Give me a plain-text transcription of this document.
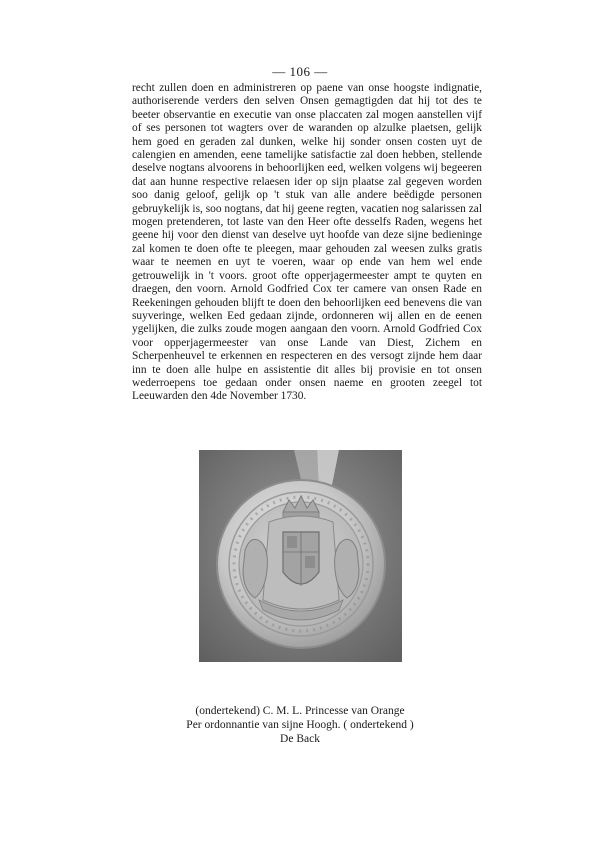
— 106 —

recht zullen doen en administreren op paene van onse hoogste indignatie, authoriserende verders den selven Onsen gemagtigden dat hij tot des te beeter observantie en executie van onse placcaten zal mogen aanstellen vijf of ses personen tot wagters over de waranden op alzulke plaetsen, gelijk hem goed en geraden zal dunken, welke hij sonder onsen costen uyt de calengien en amenden, eene tamelijke satisfactie zal doen hebben, stellende deselve nogtans alvoorens in behoorlijken eed, welken volgens wij begeeren dat aan hunne respective relaesen ider op sijn plaatse zal gegeven worden soo danig geloof, gelijk op 't stuk van alle andere beëdigde personen gebruykelijk is, soo nogtans, dat hij geene regten, vacatien nog salarissen zal mogen pretenderen, tot laste van den Heer ofte desselfs Raden, wegens het geene hij voor den dienst van deselve uyt hoofde van deze sijne bedieninge zal komen te doen ofte te pleegen, maar gehouden zal weesen zulks gratis waar te neemen en uyt te voeren, waar op ende van hem wel ende getrouwelijk in 't voors. groot ofte opperjagermeester ampt te quyten en draegen, den voorn. Arnold Godfried Cox ter camere van onsen Rade en Reekeningen gehouden blijft te doen den behoorlijken eed benevens die van suyveringe, welken Eed gedaan zijnde, ordonneren wij allen en de eenen ygelijken, die zulks zoude mogen aangaan den voorn. Arnold Godfried Cox voor opperjagermeester van onse Lande van Diest, Zichem en Scherpenheuvel te erkennen en respecteren en des versogt zijnde hem daar inn te doen alle hulpe en assistentie dit alles bij provisie en tot onsen wederroepens toe gedaan onder onsen naeme en grooten zeegel tot Leeuwarden den 4de November 1730.

(ondertekend) C. M. L. Princesse van Orange
Per ordonnantie van sijne Hoogh. ( ondertekend )
De Back
